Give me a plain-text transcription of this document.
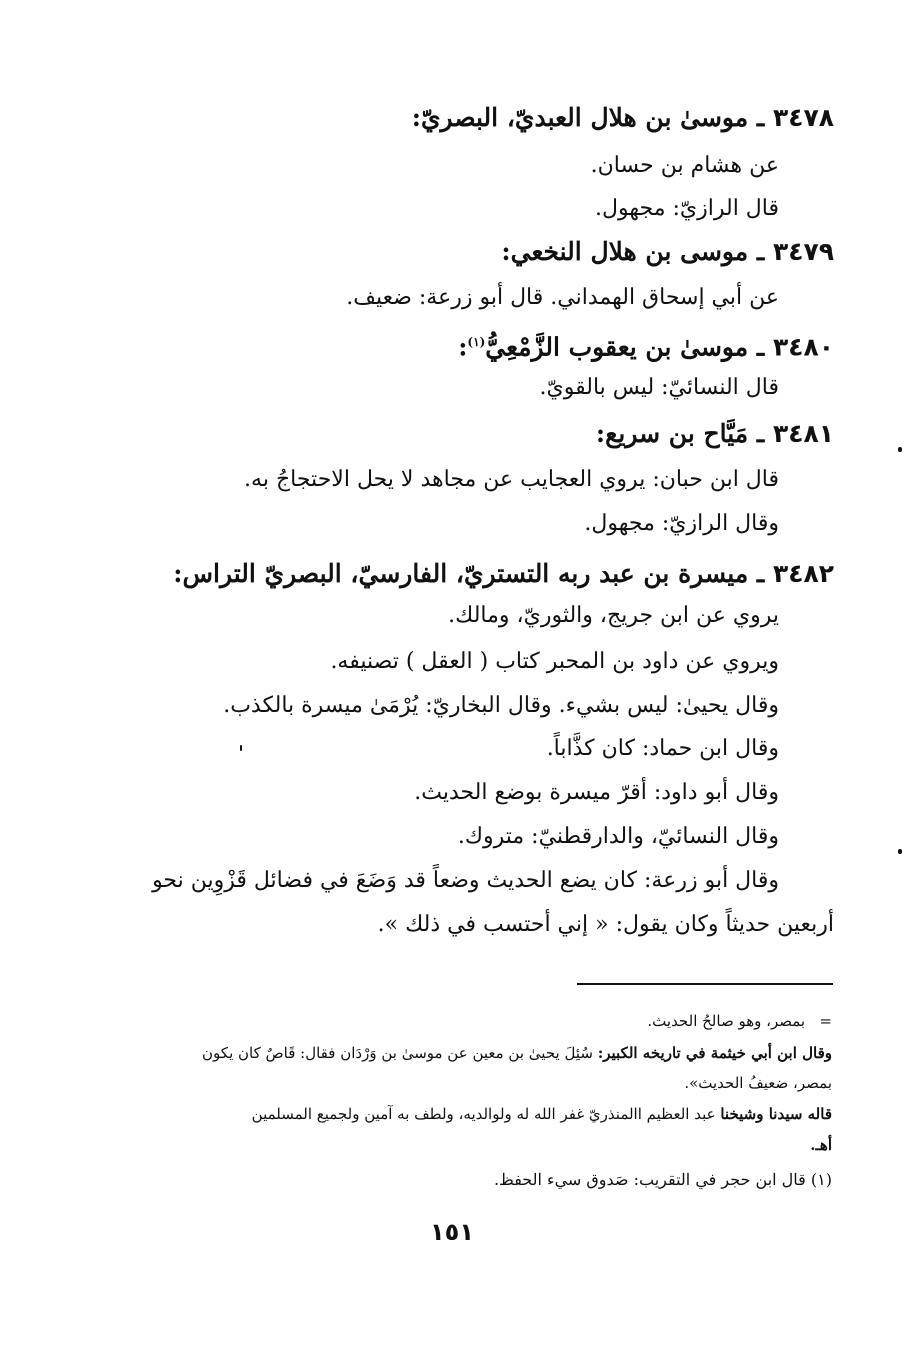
٣٤٧٨ ـ موسىٰ بن هلال العبديّ، البصريّ:
عن هشام بن حسان.
قال الرازيّ: مجهول.
٣٤٧٩ ـ موسى بن هلال النخعي:
عن أبي إسحاق الهمداني. قال أبو زرعة: ضعيف.
٣٤٨٠ ـ موسىٰ بن يعقوب الزَّمْعِيُّ$^{(١)}$:
قال النسائيّ: ليس بالقويّ.
٣٤٨١ ـ مَيَّاح بن سريع:
قال ابن حبان: يروي العجايب عن مجاهد لا يحل الاحتجاجُ به.
وقال الرازيّ: مجهول.
٣٤٨٢ ـ ميسرة بن عبد ربه التستريّ، الفارسيّ، البصريّ التراس:
يروي عن ابن جريج، والثوريّ، ومالك.
ويروي عن داود بن المحبر كتاب ( العقل ) تصنيفه.
وقال يحيىٰ: ليس بشيء. وقال البخاريّ: يُرْمَىٰ ميسرة بالكذب.
وقال ابن حماد: كان كذَّاباً.
وقال أبو داود: أقرّ ميسرة بوضع الحديث.
وقال النسائيّ، والدارقطنيّ: متروك.
وقال أبو زرعة: كان يضع الحديث وضعاً قد وَضَعَ في فضائل قَزْوِين نحو
أربعين حديثاً وكان يقول: « إني أحتسب في ذلك ».
=   بمصر، وهو صالحُ الحديث.
وقال ابن أبي خيثمة في تاريخه الكبير: سُئِلَ يحيىٰ بن معين عن موسىٰ بن وَرْدَان فقال: قَاصٌ كان يكون
بمصر، ضعيفُ الحديث».
قاله سيدنا وشيخنا عبد العظيم االمنذريّ غفر الله له ولوالديه، ولطف به آمين ولجميع المسلمين
أهـ.
(١) قال ابن حجر في التقريب: صَدوق سيء الحفظ.
١٥١
